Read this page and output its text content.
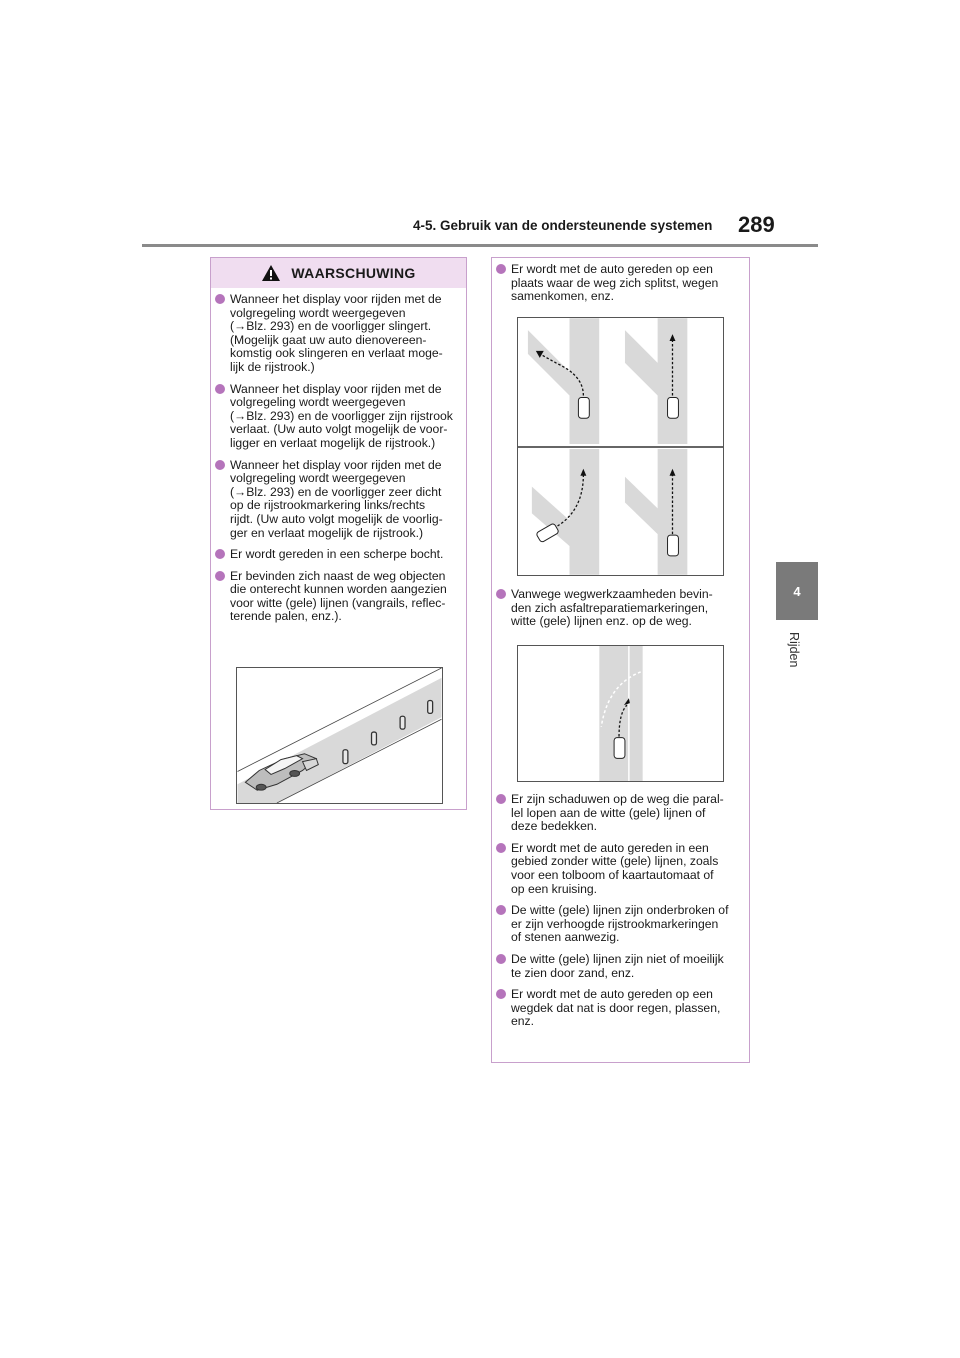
4-5. Gebruik van de ondersteunende systemen 289
4
Rijden
WAARSCHUWING
Wanneer het display voor rijden met de
volgregeling wordt weergegeven
(→Blz. 293) en de voorligger slingert.
(Mogelijk gaat uw auto dienovereen-
komstig ook slingeren en verlaat moge-
lijk de rijstrook.)
Wanneer het display voor rijden met de
volgregeling wordt weergegeven
(→Blz. 293) en de voorligger zijn rijstrook
verlaat. (Uw auto volgt mogelijk de voor-
ligger en verlaat mogelijk de rijstrook.)
Wanneer het display voor rijden met de
volgregeling wordt weergegeven
(→Blz. 293) en de voorligger zeer dicht
op de rijstrookmarkering links/rechts
rijdt. (Uw auto volgt mogelijk de voorlig-
ger en verlaat mogelijk de rijstrook.)
Er wordt gereden in een scherpe bocht.
Er bevinden zich naast de weg objecten
die onterecht kunnen worden aangezien
voor witte (gele) lijnen (vangrails, reflec-
terende palen, enz.).
Er wordt met de auto gereden op een
plaats waar de weg zich splitst, wegen
samenkomen, enz.
Vanwege wegwerkzaamheden bevin-
den zich asfaltreparatiemarkeringen,
witte (gele) lijnen enz. op de weg.
Er zijn schaduwen op de weg die paral-
lel lopen aan de witte (gele) lijnen of
deze bedekken.
Er wordt met de auto gereden in een
gebied zonder witte (gele) lijnen, zoals
voor een tolboom of kaartautomaat of
op een kruising.
De witte (gele) lijnen zijn onderbroken of
er zijn verhoogde rijstrookmarkeringen
of stenen aanwezig.
De witte (gele) lijnen zijn niet of moeilijk
te zien door zand, enz.
Er wordt met de auto gereden op een
wegdek dat nat is door regen, plassen,
enz.
